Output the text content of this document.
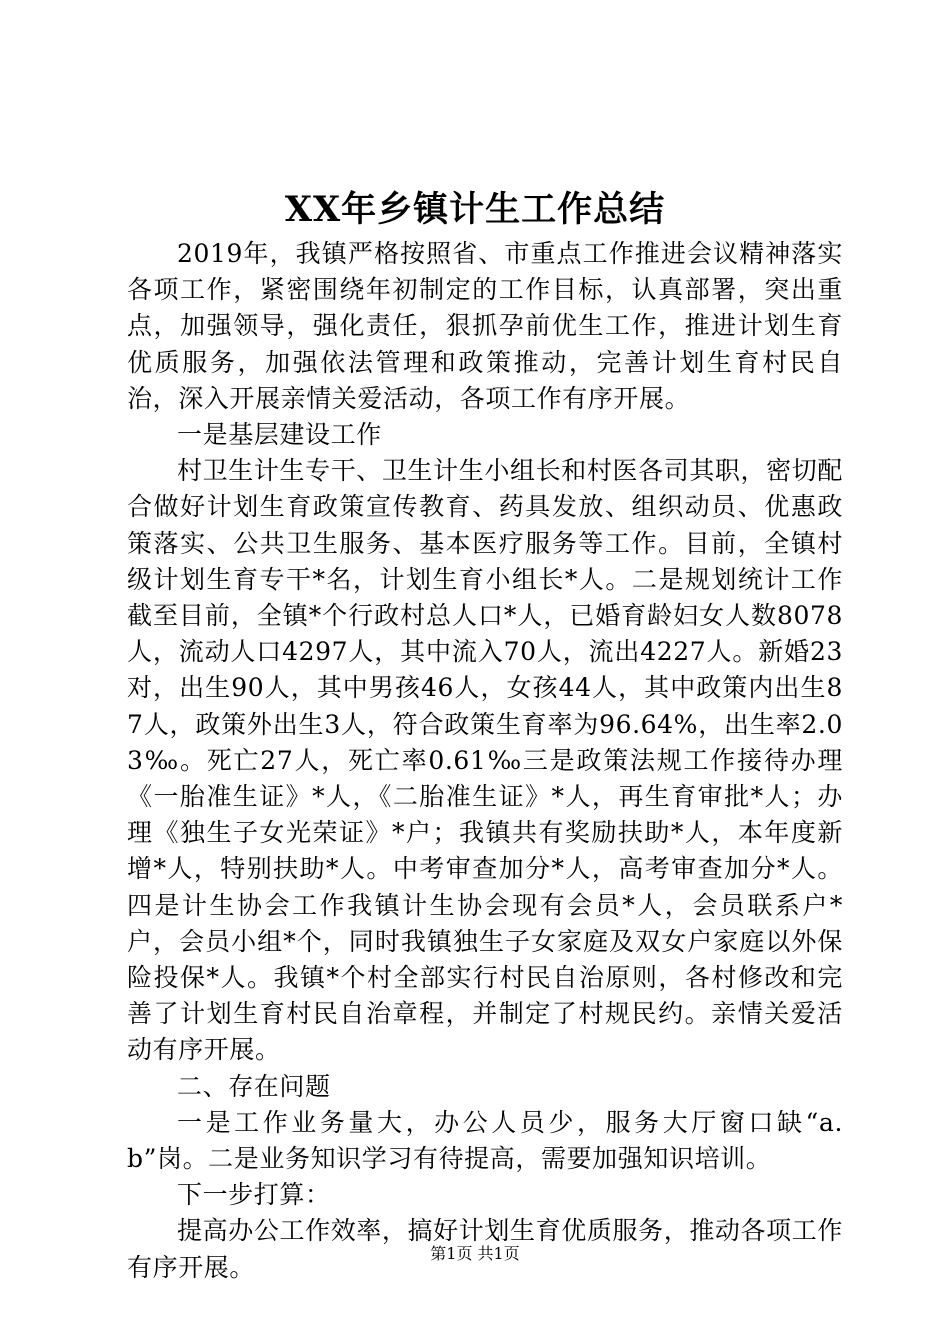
XX年乡镇计生工作总结

2019年，我镇严格按照省、市重点工作推进会议精神落实各项工作，紧密围绕年初制定的工作目标，认真部署，突出重点，加强领导，强化责任，狠抓孕前优生工作，推进计划生育优质服务，加强依法管理和政策推动，完善计划生育村民自治，深入开展亲情关爱活动，各项工作有序开展。

一是基层建设工作

村卫生计生专干、卫生计生小组长和村医各司其职，密切配合做好计划生育政策宣传教育、药具发放、组织动员、优惠政策落实、公共卫生服务、基本医疗服务等工作。目前，全镇村级计划生育专干*名，计划生育小组长*人。二是规划统计工作截至目前，全镇*个行政村总人口*人，已婚育龄妇女人数8078人，流动人口4297人，其中流入70人，流出4227人。新婚23对，出生90人，其中男孩46人，女孩44人，其中政策内出生87人，政策外出生3人，符合政策生育率为96.64%，出生率2.03‰。死亡27人，死亡率0.61‰三是政策法规工作接待办理《一胎准生证》*人，《二胎准生证》*人，再生育审批*人；办理《独生子女光荣证》*户；我镇共有奖励扶助*人，本年度新增*人，特别扶助*人。中考审查加分*人，高考审查加分*人。四是计生协会工作我镇计生协会现有会员*人，会员联系户*户，会员小组*个，同时我镇独生子女家庭及双女户家庭以外保险投保*人。我镇*个村全部实行村民自治原则，各村修改和完善了计划生育村民自治章程，并制定了村规民约。亲情关爱活动有序开展。

二、存在问题

一是工作业务量大，办公人员少，服务大厅窗口缺“a.b”岗。二是业务知识学习有待提高，需要加强知识培训。

下一步打算：

提高办公工作效率，搞好计划生育优质服务，推动各项工作有序开展。	第1页 共1页
